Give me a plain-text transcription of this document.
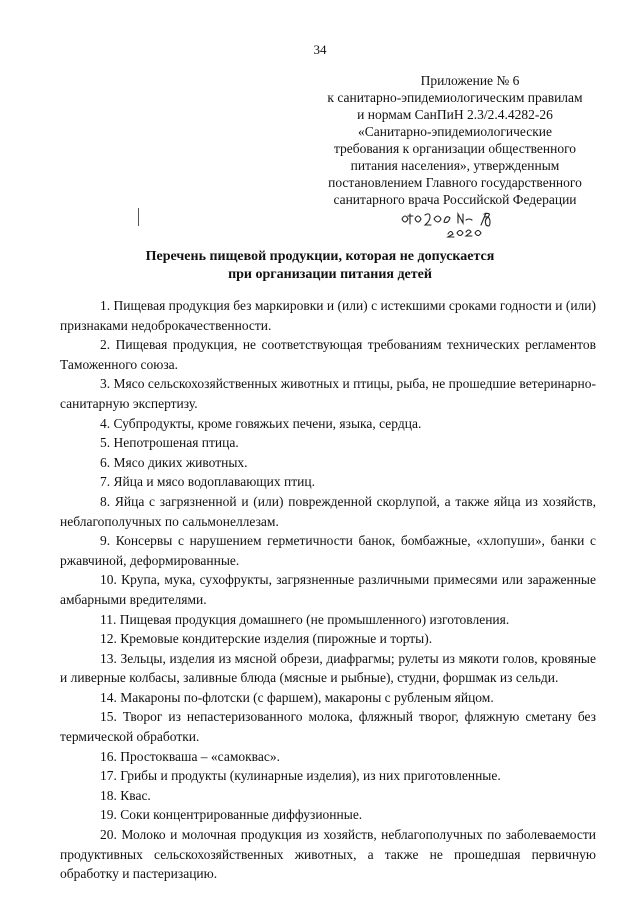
34
Приложение № 6
к санитарно-эпидемиологическим правилам
и нормам СанПиН 2.3/2.4.4282-26
«Санитарно-эпидемиологические
требования к организации общественного
питания населения», утвержденным
постановлением Главного государственного
санитарного врача Российской Федерации
Перечень пищевой продукции, которая не допускается
при организации питания детей

1. Пищевая продукция без маркировки и (или) с истекшими сроками годности и (или) признаками недоброкачественности.

2. Пищевая продукция, не соответствующая требованиям технических регламентов Таможенного союза.

3. Мясо сельскохозяйственных животных и птицы, рыба, не прошедшие ветеринарно-санитарную экспертизу.

4. Субпродукты, кроме говяжьих печени, языка, сердца.

5. Непотрошеная птица.

6. Мясо диких животных.

7. Яйца и мясо водоплавающих птиц.

8. Яйца с загрязненной и (или) поврежденной скорлупой, а также яйца из хозяйств, неблагополучных по сальмонеллезам.

9. Консервы с нарушением герметичности банок, бомбажные, «хлопуши», банки с ржавчиной, деформированные.

10. Крупа, мука, сухофрукты, загрязненные различными примесями или зараженные амбарными вредителями.

11. Пищевая продукция домашнего (не промышленного) изготовления.

12. Кремовые кондитерские изделия (пирожные и торты).

13. Зельцы, изделия из мясной обрези, диафрагмы; рулеты из мякоти голов, кровяные и ливерные колбасы, заливные блюда (мясные и рыбные), студни, форшмак из сельди.

14. Макароны по-флотски (с фаршем), макароны с рубленым яйцом.

15. Творог из непастеризованного молока, фляжный творог, фляжную сметану без термической обработки.

16. Простокваша – «самоквас».

17. Грибы и продукты (кулинарные изделия), из них приготовленные.

18. Квас.

19. Соки концентрированные диффузионные.

20. Молоко и молочная продукция из хозяйств, неблагополучных по заболеваемости продуктивных сельскохозяйственных животных, а также не прошедшая первичную обработку и пастеризацию.
